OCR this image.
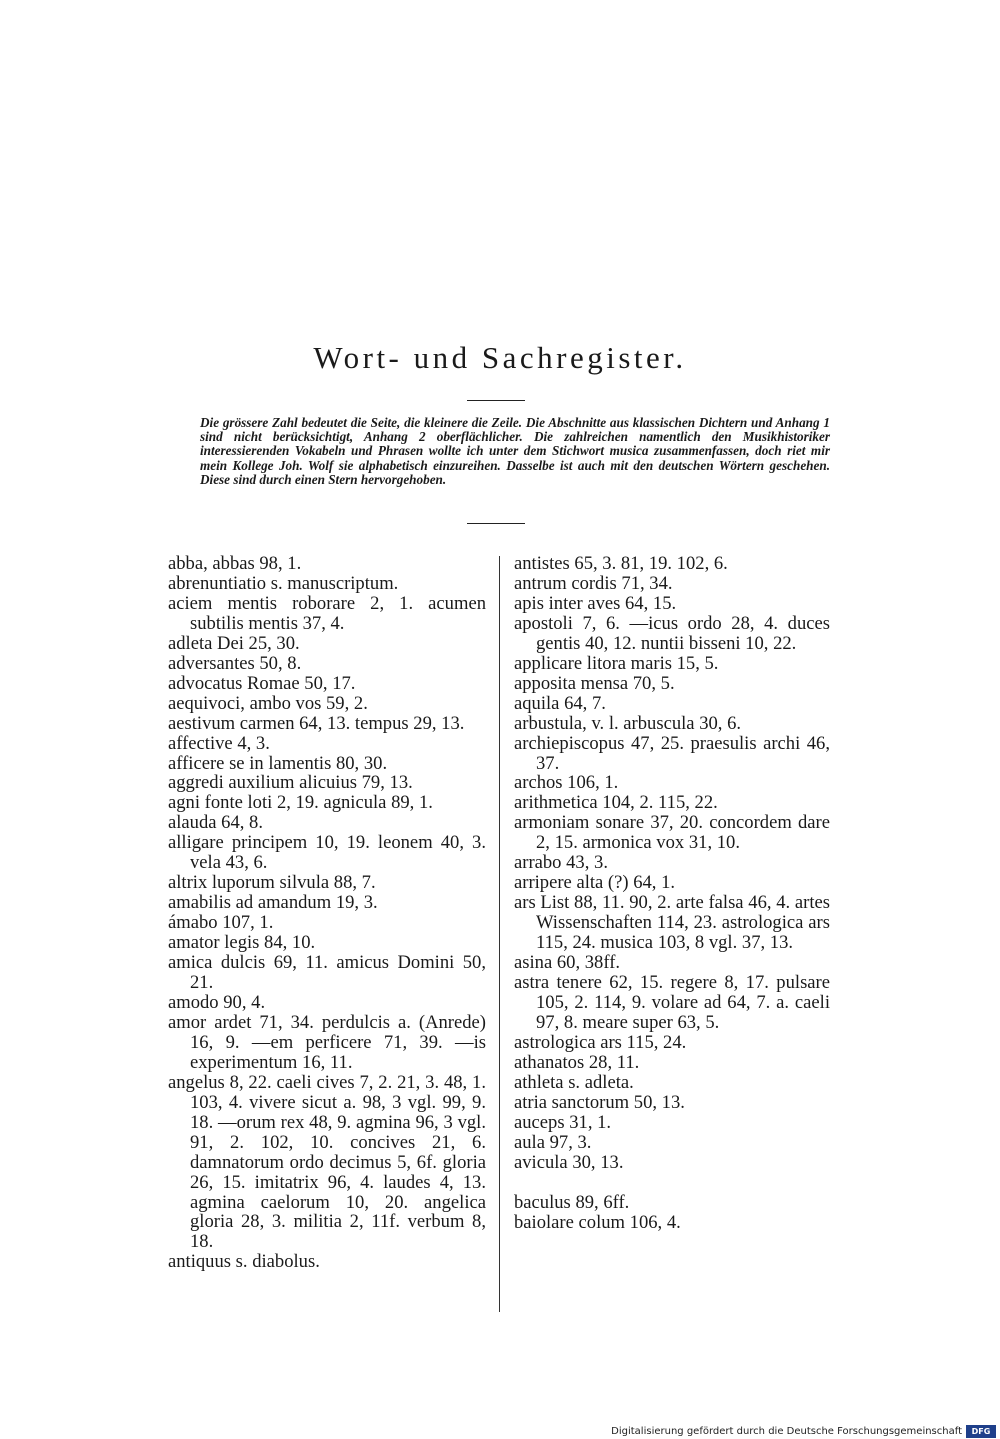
Wort- und Sachregister.
Die grössere Zahl bedeutet die Seite, die kleinere die Zeile. Die Abschnitte aus klassischen Dichtern und Anhang 1 sind nicht berücksichtigt, Anhang 2 oberflächlicher. Die zahlreichen namentlich den Musikhistoriker interessierenden Vokabeln und Phrasen wollte ich unter dem Stichwort musica zusammenfassen, doch riet mir mein Kollege Joh. Wolf sie alphabetisch einzureihen. Dasselbe ist auch mit den deutschen Wörtern geschehen. Diese sind durch einen Stern hervorgehoben.

abba, abbas 98, 1.

abrenuntiatio s. manuscriptum.

aciem mentis roborare 2, 1. acumen subtilis mentis 37, 4.

adleta Dei 25, 30.

adversantes 50, 8.

advocatus Romae 50, 17.

aequivoci, ambo vos 59, 2.

aestivum carmen 64, 13. tempus 29, 13.

affective 4, 3.

afficere se in lamentis 80, 30.

aggredi auxilium alicuius 79, 13.

agni fonte loti 2, 19. agnicula 89, 1.

alauda 64, 8.

alligare principem 10, 19. leonem 40, 3. vela 43, 6.

altrix luporum silvula 88, 7.

amabilis ad amandum 19, 3.

ámabo 107, 1.

amator legis 84, 10.

amica dulcis 69, 11. amicus Domini 50, 21.

amodo 90, 4.

amor ardet 71, 34. perdulcis a. (Anrede) 16, 9. —em perficere 71, 39. —is experimentum 16, 11.

angelus 8, 22. caeli cives 7, 2. 21, 3. 48, 1. 103, 4. vivere sicut a. 98, 3 vgl. 99, 9. 18. —orum rex 48, 9. agmina 96, 3 vgl. 91, 2. 102, 10. concives 21, 6. damnatorum ordo decimus 5, 6f. gloria 26, 15. imitatrix 96, 4. laudes 4, 13. agmina caelorum 10, 20. angelica gloria 28, 3. militia 2, 11f. verbum 8, 18.

antiquus s. diabolus.

antistes 65, 3. 81, 19. 102, 6.

antrum cordis 71, 34.

apis inter aves 64, 15.

apostoli 7, 6. —icus ordo 28, 4. duces gentis 40, 12. nuntii bisseni 10, 22.

applicare litora maris 15, 5.

apposita mensa 70, 5.

aquila 64, 7.

arbustula, v. l. arbuscula 30, 6.

archiepiscopus 47, 25. praesulis archi 46, 37.

archos 106, 1.

arithmetica 104, 2. 115, 22.

armoniam sonare 37, 20. concordem dare 2, 15. armonica vox 31, 10.

arrabo 43, 3.

arripere alta (?) 64, 1.

ars List 88, 11. 90, 2. arte falsa 46, 4. artes Wissenschaften 114, 23. astrologica ars 115, 24. musica 103, 8 vgl. 37, 13.

asina 60, 38ff.

astra tenere 62, 15. regere 8, 17. pulsare 105, 2. 114, 9. volare ad 64, 7. a. caeli 97, 8. meare super 63, 5.

astrologica ars 115, 24.

athanatos 28, 11.

athleta s. adleta.

atria sanctorum 50, 13.

auceps 31, 1.

aula 97, 3.

avicula 30, 13.

baculus 89, 6ff.

baiolare colum 106, 4.

Digitalisierung gefördert durch die Deutsche Forschungsgemeinschaft	DFG
